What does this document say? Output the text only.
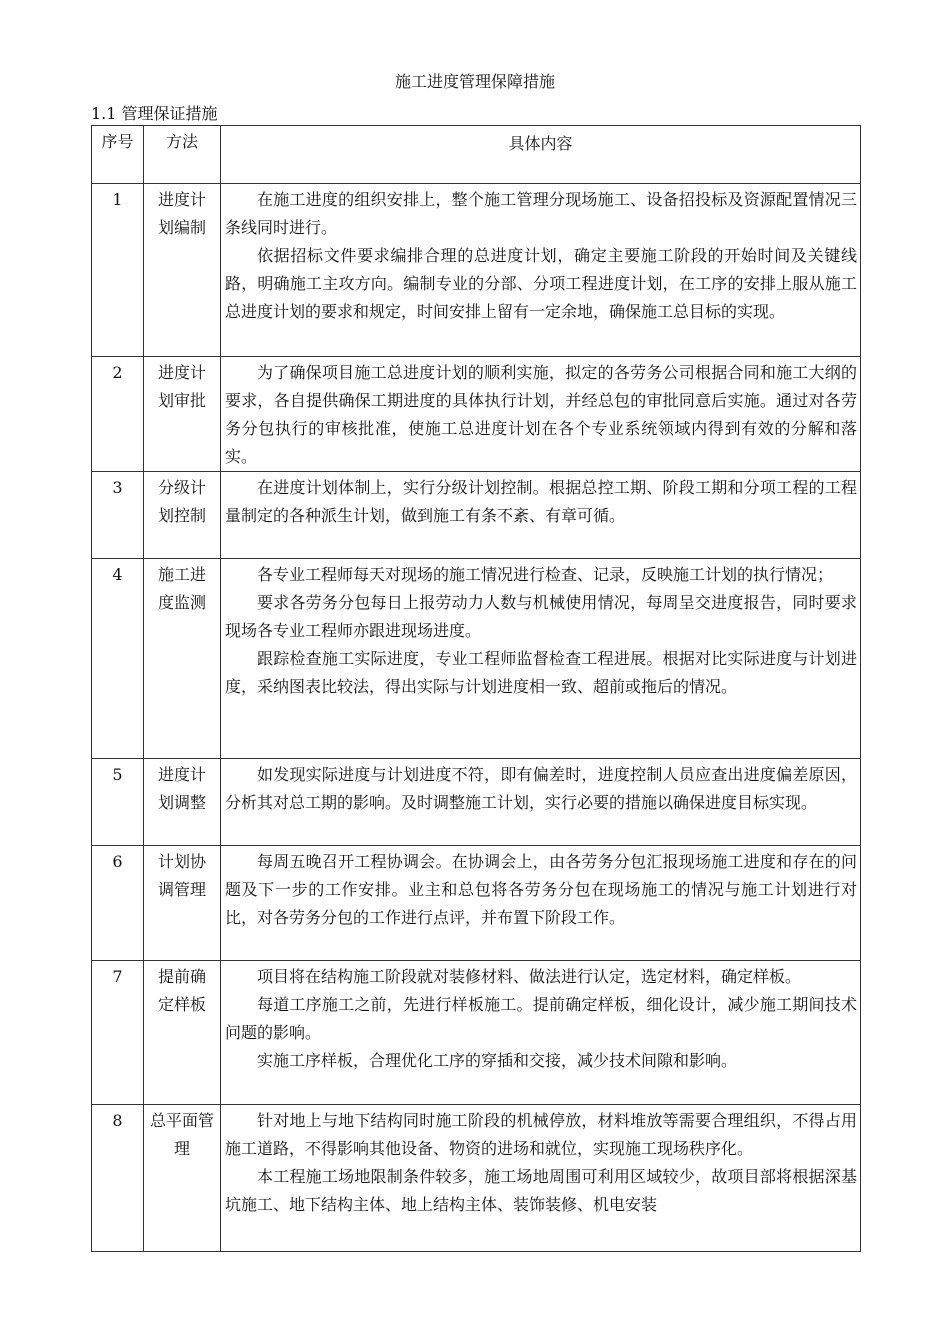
施工进度管理保障措施
1.1 管理保证措施
序号	方法	具体内容
1	进度计划编制	在施工进度的组织安排上，整个施工管理分现场施工、设备招投标及资源配置情况三条线同时进行。

依据招标文件要求编排合理的总进度计划，确定主要施工阶段的开始时间及关键线路，明确施工主攻方向。编制专业的分部、分项工程进度计划，在工序的安排上服从施工总进度计划的要求和规定，时间安排上留有一定余地，确保施工总目标的实现。

2	进度计划审批	为了确保项目施工总进度计划的顺利实施，拟定的各劳务公司根据合同和施工大纲的要求，各自提供确保工期进度的具体执行计划，并经总包的审批同意后实施。通过对各劳务分包执行的审核批准，使施工总进度计划在各个专业系统领域内得到有效的分解和落实。

3	分级计划控制	在进度计划体制上，实行分级计划控制。根据总控工期、阶段工期和分项工程的工程量制定的各种派生计划，做到施工有条不紊、有章可循。

4	施工进度监测	各专业工程师每天对现场的施工情况进行检查、记录，反映施工计划的执行情况；

要求各劳务分包每日上报劳动力人数与机械使用情况，每周呈交进度报告，同时要求现场各专业工程师亦跟进现场进度。

跟踪检查施工实际进度，专业工程师监督检查工程进展。根据对比实际进度与计划进度，采纳图表比较法，得出实际与计划进度相一致、超前或拖后的情况。

5	进度计划调整	如发现实际进度与计划进度不符，即有偏差时，进度控制人员应查出进度偏差原因，分析其对总工期的影响。及时调整施工计划，实行必要的措施以确保进度目标实现。

6	计划协调管理	每周五晚召开工程协调会。在协调会上，由各劳务分包汇报现场施工进度和存在的问题及下一步的工作安排。业主和总包将各劳务分包在现场施工的情况与施工计划进行对比，对各劳务分包的工作进行点评，并布置下阶段工作。

7	提前确定样板	项目将在结构施工阶段就对装修材料、做法进行认定，选定材料，确定样板。

每道工序施工之前，先进行样板施工。提前确定样板，细化设计，减少施工期间技术问题的影响。

实施工序样板，合理优化工序的穿插和交接，减少技术间隙和影响。

8	总平面管理	针对地上与地下结构同时施工阶段的机械停放，材料堆放等需要合理组织，不得占用施工道路，不得影响其他设备、物资的进场和就位，实现施工现场秩序化。

本工程施工场地限制条件较多，施工场地周围可利用区域较少，故项目部将根据深基坑施工、地下结构主体、地上结构主体、装饰装修、机电安装
